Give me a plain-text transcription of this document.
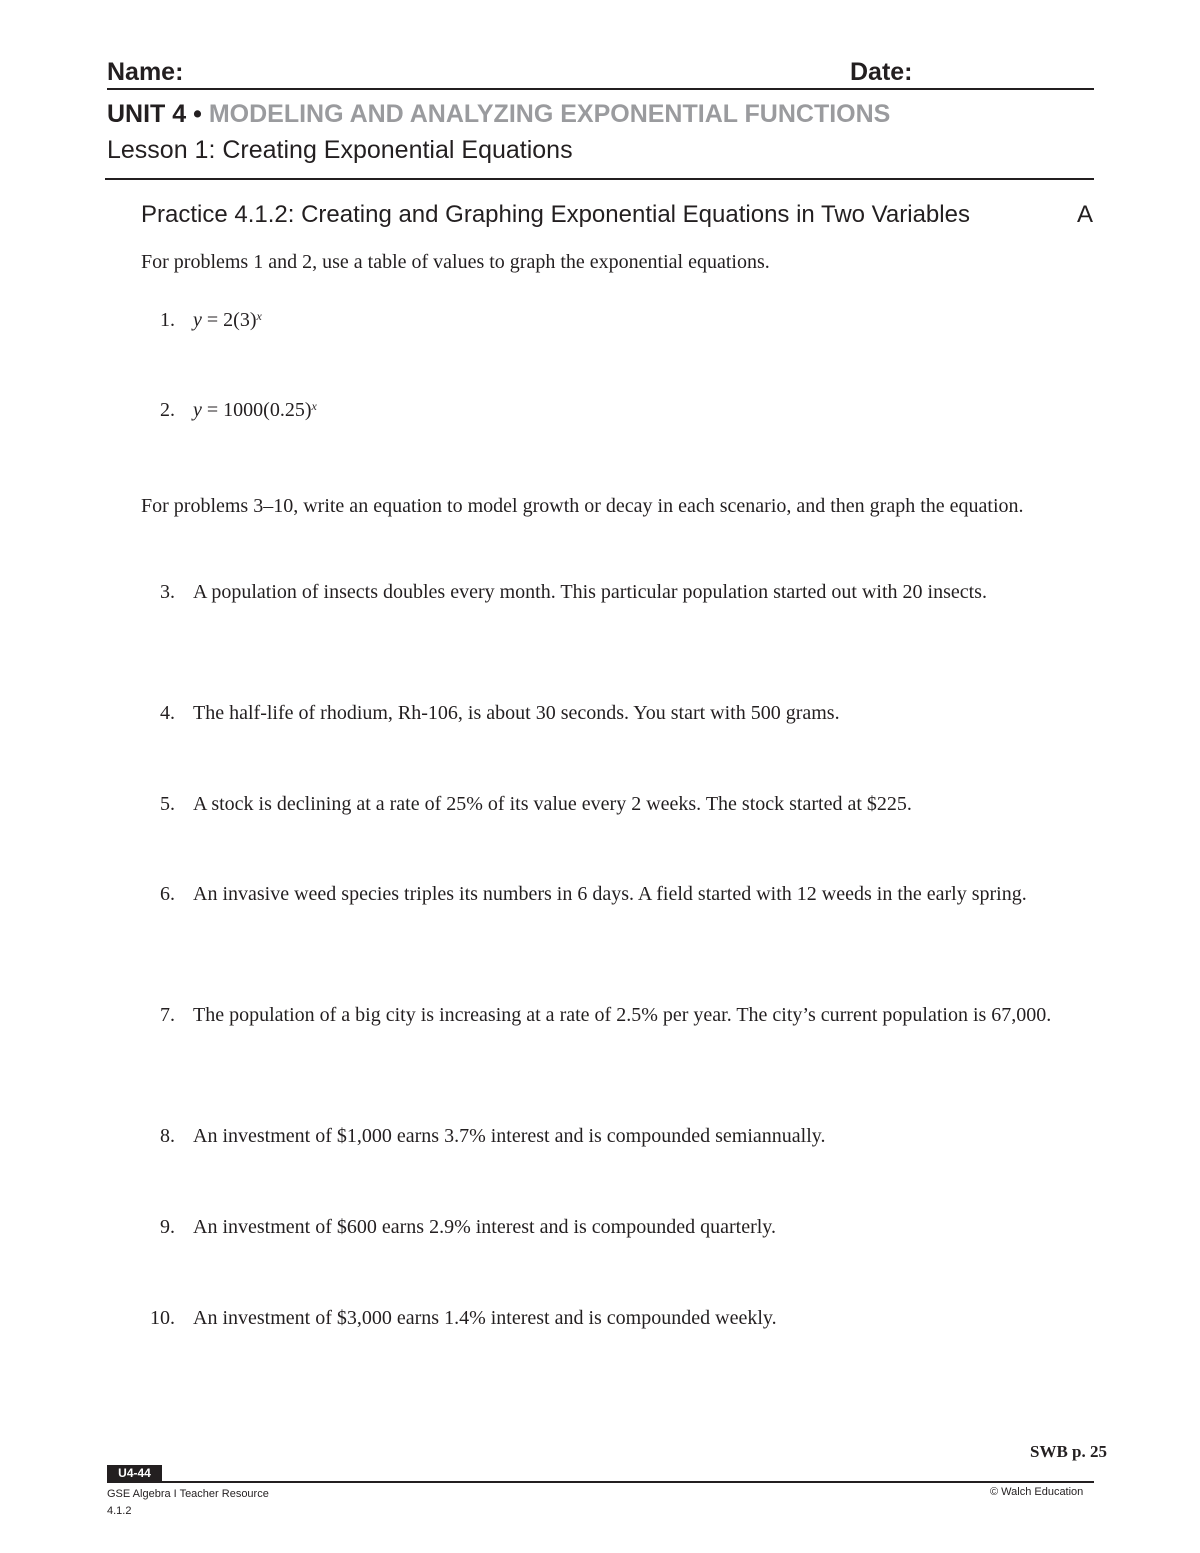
Name:	Date:
UNIT 4 • MODELING AND ANALYZING EXPONENTIAL FUNCTIONS
Lesson 1: Creating Exponential Equations
Practice 4.1.2: Creating and Graphing Exponential Equations in Two Variables	A
For problems 1 and 2, use a table of values to graph the exponential equations.
1. $y = 2(3)^x$
2. $y = 1000(0.25)^x$
For problems 3–10, write an equation to model growth or decay in each scenario, and then graph the equation.
3. A population of insects doubles every month. This particular population started out with 20 insects.
4. The half-life of rhodium, Rh-106, is about 30 seconds. You start with 500 grams.
5. A stock is declining at a rate of 25% of its value every 2 weeks. The stock started at $225.
6. An invasive weed species triples its numbers in 6 days. A field started with 12 weeds in the early spring.
7. The population of a big city is increasing at a rate of 2.5% per year. The city’s current population is 67,000.
8. An investment of $1,000 earns 3.7% interest and is compounded semiannually.
9. An investment of $600 earns 2.9% interest and is compounded quarterly.
10. An investment of $3,000 earns 1.4% interest and is compounded weekly.
SWB p. 25
U4-44
GSE Algebra I Teacher Resource
4.1.2
© Walch Education
